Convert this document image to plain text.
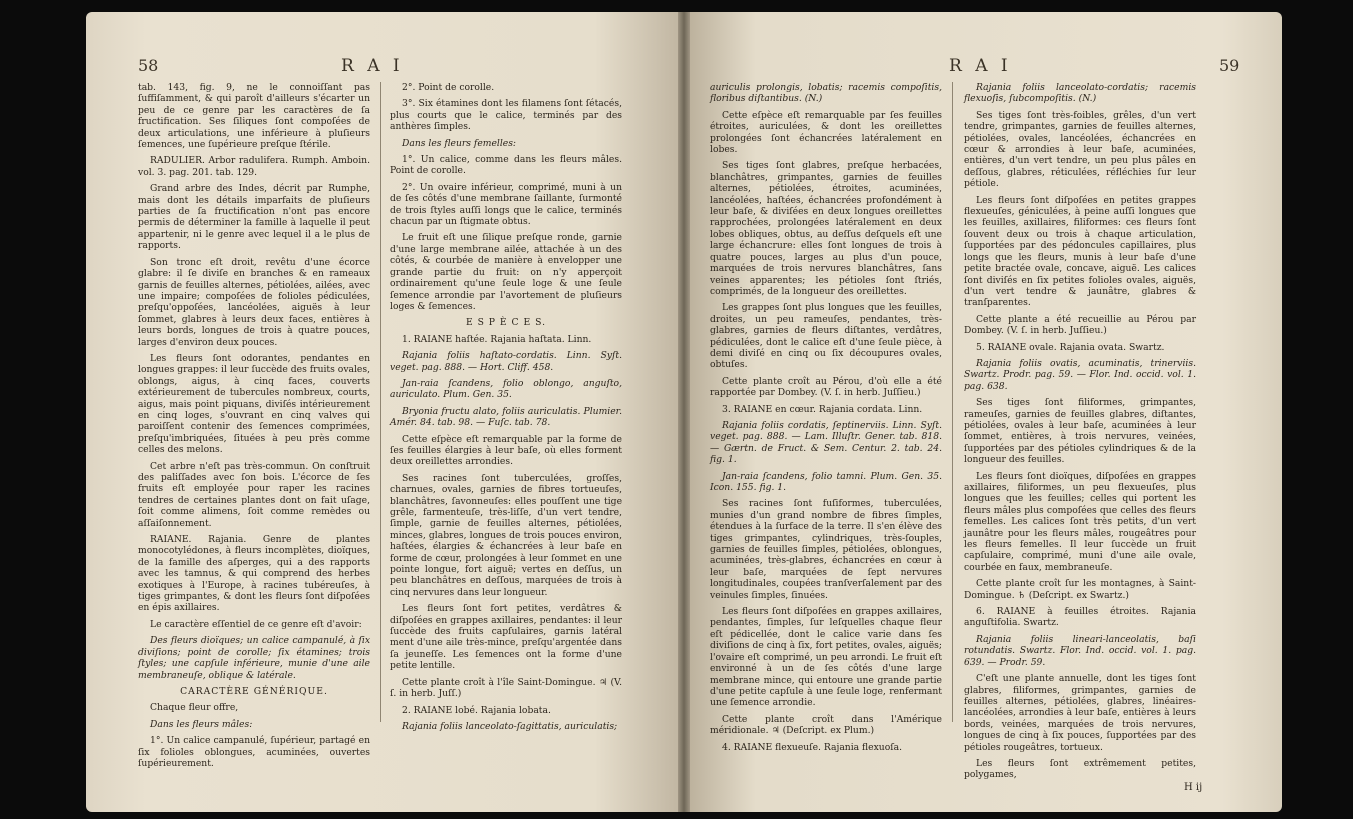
58	R A I

tab. 143, fig. 9, ne le connoiſſant pas ſuffiſamment, & qui paroît d'ailleurs s'écarter un peu de ce genre par les caractères de ſa fructification. Ses ſiliques ſont compoſées de deux articulations, une inférieure à pluſieurs ſemences, une ſupérieure preſque ſtérile.

RADULIER. Arbor radulifera. Rumph. Amboin. vol. 3. pag. 201. tab. 129.

Grand arbre des Indes, décrit par Rumphe, mais dont les détails imparfaits de pluſieurs parties de ſa fructification n'ont pas encore permis de déterminer la famille à laquelle il peut appartenir, ni le genre avec lequel il a le plus de rapports.

Son tronc eſt droit, revêtu d'une écorce glabre: il ſe diviſe en branches & en rameaux garnis de feuilles alternes, pétiolées, ailées, avec une impaire; compoſées de folioles pédiculées, preſqu'oppoſées, lancéolées, aiguës à leur ſommet, glabres à leurs deux faces, entières à leurs bords, longues de trois à quatre pouces, larges d'environ deux pouces.

Les fleurs ſont odorantes, pendantes en longues grappes: il leur ſuccède des fruits ovales, oblongs, aigus, à cinq faces, couverts extérieurement de tubercules nombreux, courts, aigus, mais point piquans, diviſés intérieurement en cinq loges, s'ouvrant en cinq valves qui paroiſſent contenir des ſemences comprimées, preſqu'imbriquées, ſituées à peu près comme celles des melons.

Cet arbre n'eſt pas très-commun. On conſtruit des paliſſades avec ſon bois. L'écorce de ſes fruits eſt employée pour raper les racines tendres de certaines plantes dont on fait uſage, ſoit comme alimens, ſoit comme remèdes ou aſſaiſonnement.

RAIANE. Rajania. Genre de plantes monocotylédones, à fleurs incomplètes, dioïques, de la famille des aſperges, qui a des rapports avec les tamnus, & qui comprend des herbes exotiques à l'Europe, à racines tubéreuſes, à tiges grimpantes, & dont les fleurs ſont diſpoſées en épis axillaires.

Le caractère eſſentiel de ce genre eſt d'avoir:

Des fleurs dioïques; un calice campanulé, à ſix diviſions; point de corolle; ſix étamines; trois ſtyles; une capſule inférieure, munie d'une aile membraneuſe, oblique & latérale.

CARACTÈRE GÉNÉRIQUE.

Chaque fleur offre,

Dans les fleurs mâles:

1°. Un calice campanulé, ſupérieur, partagé en ſix folioles oblongues, acuminées, ouvertes ſupérieurement.

2°. Point de corolle.

3°. Six étamines dont les filamens ſont ſétacés, plus courts que le calice, terminés par des anthères ſimples.

Dans les fleurs femelles:

1°. Un calice, comme dans les fleurs mâles. Point de corolle.

2°. Un ovaire inférieur, comprimé, muni à un de ſes côtés d'une membrane ſaillante, ſurmonté de trois ſtyles auſſi longs que le calice, terminés chacun par un ſtigmate obtus.

Le fruit eſt une ſilique preſque ronde, garnie d'une large membrane ailée, attachée à un des côtés, & courbée de manière à envelopper une grande partie du fruit: on n'y apperçoit ordinairement qu'une ſeule loge & une ſeule ſemence arrondie par l'avortement de pluſieurs loges & ſemences.

E S P È C E S.

1. RAIANE haſtée. Rajania haſtata. Linn.

Rajania foliis haſtato-cordatis. Linn. Syſt. veget. pag. 888. — Hort. Cliff. 458.

Jan-raia ſcandens, folio oblongo, anguſto, auriculato. Plum. Gen. 35.

Bryonia fructu alato, foliis auriculatis. Plumier. Amér. 84. tab. 98. — Fuſc. tab. 78.

Cette eſpèce eſt remarquable par la forme de ſes feuilles élargies à leur baſe, où elles forment deux oreillettes arrondies.

Ses racines ſont tuberculées, groſſes, charnues, ovales, garnies de fibres tortueuſes, blanchâtres, ſavonneuſes: elles pouſſent une tige grêle, farmenteuſe, très-liſſe, d'un vert tendre, ſimple, garnie de feuilles alternes, pétiolées, minces, glabres, longues de trois pouces environ, haſtées, élargies & échancrées à leur baſe en forme de cœur, prolongées à leur ſommet en une pointe longue, fort aiguë; vertes en deſſus, un peu blanchâtres en deſſous, marquées de trois à cinq nervures dans leur longueur.

Les fleurs ſont fort petites, verdâtres & diſpoſées en grappes axillaires, pendantes: il leur ſuccède des fruits capſulaires, garnis latéral ment d'une aile très-mince, preſqu'argentée dans ſa jeuneſſe. Les ſemences ont la forme d'une petite lentille.

Cette plante croît à l'île Saint-Domingue. ♃ (V. ſ. in herb. Juſſ.)

2. RAIANE lobé. Rajania lobata.

Rajania foliis lanceolato-ſagittatis, auriculatis;

R A I	59

auriculis prolongis, lobatis; racemis compoſitis, floribus diſtantibus. (N.)

Cette eſpèce eſt remarquable par ſes feuilles étroites, auriculées, & dont les oreillettes prolongées ſont échancrées latéralement en lobes.

Ses tiges ſont glabres, preſque herbacées, blanchâtres, grimpantes, garnies de feuilles alternes, pétiolées, étroites, acuminées, lancéolées, haſtées, échancrées profondément à leur baſe, & diviſées en deux longues oreillettes rapprochées, prolongées latéralement en deux lobes obliques, obtus, au deſſus deſquels eſt une large échancrure: elles ſont longues de trois à quatre pouces, larges au plus d'un pouce, marquées de trois nervures blanchâtres, ſans veines apparentes; les pétioles ſont ſtriés, comprimés, de la longueur des oreillettes.

Les grappes ſont plus longues que les feuilles, droites, un peu rameuſes, pendantes, très-glabres, garnies de fleurs diſtantes, verdâtres, pédiculées, dont le calice eſt d'une ſeule pièce, à demi diviſé en cinq ou ſix découpures ovales, obtuſes.

Cette plante croît au Pérou, d'où elle a été rapportée par Dombey. (V. ſ. in herb. Juſſieu.)

3. RAIANE en cœur. Rajania cordata. Linn.

Rajania foliis cordatis, ſeptinerviis. Linn. Syſt. veget. pag. 888. — Lam. Illuſtr. Gener. tab. 818. — Gærtn. de Fruct. & Sem. Centur. 2. tab. 24. fig. 1.

Jan-raia ſcandens, folio tamni. Plum. Gen. 35. Icon. 155. fig. 1.

Ses racines ſont fuſiformes, tuberculées, munies d'un grand nombre de fibres ſimples, étendues à la ſurface de la terre. Il s'en élève des tiges grimpantes, cylindriques, très-ſouples, garnies de feuilles ſimples, pétiolées, oblongues, acuminées, très-glabres, échancrées en cœur à leur baſe, marquées de ſept nervures longitudinales, coupées tranſverſalement par des veinules ſimples, ſinuées.

Les fleurs ſont diſpoſées en grappes axillaires, pendantes, ſimples, ſur leſquelles chaque fleur eſt pédicellée, dont le calice varie dans ſes diviſions de cinq à ſix, fort petites, ovales, aiguës; l'ovaire eſt comprimé, un peu arrondi. Le fruit eſt environné à un de ſes côtés d'une large membrane mince, qui entoure une grande partie d'une petite capſule à une ſeule loge, renfermant une ſemence arrondie.

Cette plante croît dans l'Amérique méridionale. ♃ (Deſcript. ex Plum.)

4. RAIANE flexueuſe. Rajania flexuoſa.

Rajania foliis lanceolato-cordatis; racemis flexuoſis, ſubcompoſitis. (N.)

Ses tiges ſont très-foibles, grêles, d'un vert tendre, grimpantes, garnies de feuilles alternes, pétiolées, ovales, lancéolées, échancrées en cœur & arrondies à leur baſe, acuminées, entières, d'un vert tendre, un peu plus pâles en deſſous, glabres, réticulées, réfléchies ſur leur pétiole.

Les fleurs ſont diſpoſées en petites grappes flexueuſes, géniculées, à peine auſſi longues que les feuilles, axillaires, filiformes: ces fleurs ſont ſouvent deux ou trois à chaque articulation, ſupportées par des pédoncules capillaires, plus longs que les fleurs, munis à leur baſe d'une petite bractée ovale, concave, aiguë. Les calices ſont diviſés en ſix petites folioles ovales, aiguës, d'un vert tendre & jaunâtre, glabres & tranſparentes.

Cette plante a été recueillie au Pérou par Dombey. (V. ſ. in herb. Juſſieu.)

5. RAIANE ovale. Rajania ovata. Swartz.

Rajania foliis ovatis, acuminatis, trinerviis. Swartz. Prodr. pag. 59. — Flor. Ind. occid. vol. 1. pag. 638.

Ses tiges ſont filiformes, grimpantes, rameuſes, garnies de feuilles glabres, diſtantes, pétiolées, ovales à leur baſe, acuminées à leur ſommet, entières, à trois nervures, veinées, ſupportées par des pétioles cylindriques & de la longueur des feuilles.

Les fleurs ſont dioïques, diſpoſées en grappes axillaires, filiformes, un peu flexueuſes, plus longues que les feuilles; celles qui portent les fleurs mâles plus compoſées que celles des fleurs femelles. Les calices ſont très petits, d'un vert jaunâtre pour les fleurs mâles, rougeâtres pour les fleurs femelles. Il leur ſuccède un fruit capſulaire, comprimé, muni d'une aile ovale, courbée en faux, membraneuſe.

Cette plante croît ſur les montagnes, à Saint-Domingue. ♄ (Deſcript. ex Swartz.)

6. RAIANE à feuilles étroites. Rajania anguſtifolia. Swartz.

Rajania foliis lineari-lanceolatis, baſi rotundatis. Swartz. Flor. Ind. occid. vol. 1. pag. 639. — Prodr. 59.

C'eſt une plante annuelle, dont les tiges ſont glabres, filiformes, grimpantes, garnies de feuilles alternes, pétiolées, glabres, linéaires-lancéolées, arrondies à leur baſe, entières à leurs bords, veinées, marquées de trois nervures, longues de cinq à ſix pouces, ſupportées par des pétioles rougeâtres, tortueux.

Les fleurs ſont extrêmement petites, polygames,

H ij
